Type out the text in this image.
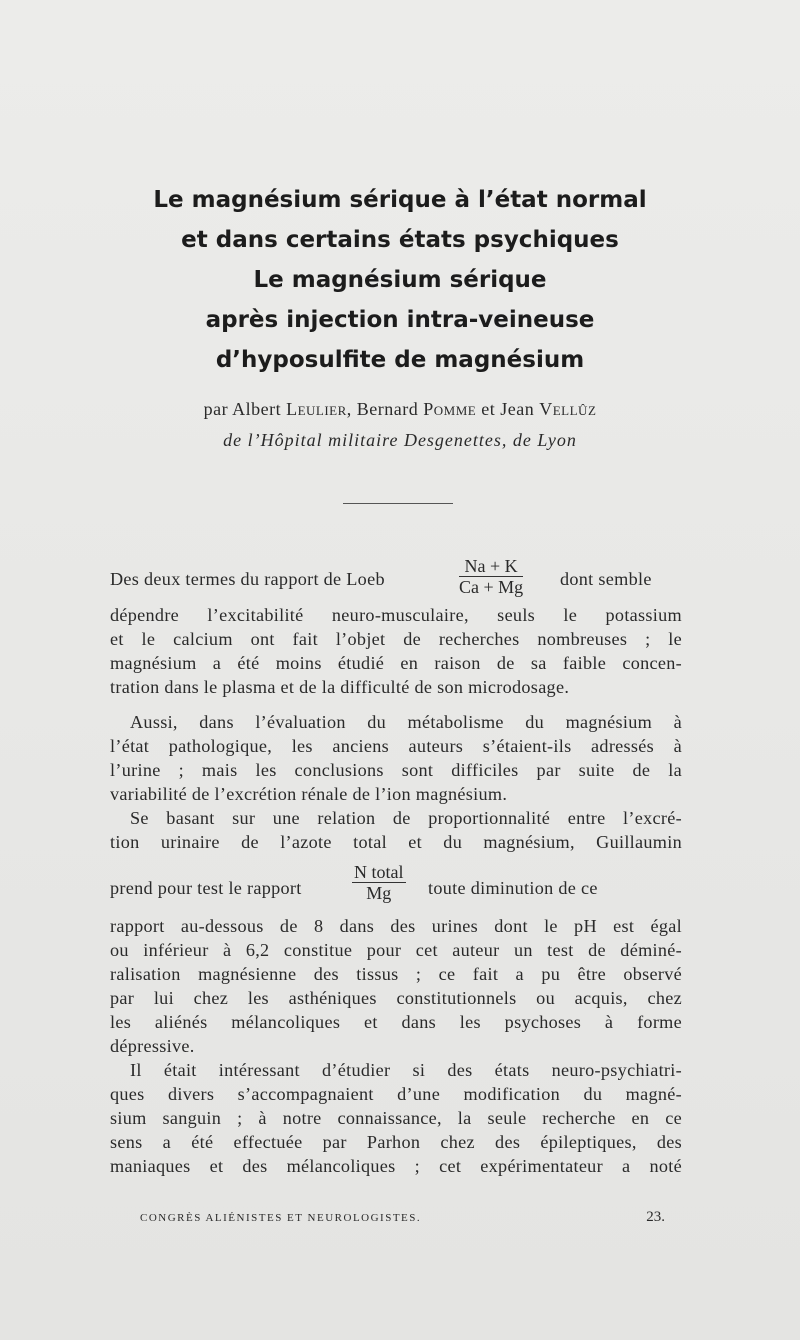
Le magnésium sérique à l’état normal
et dans certains états psychiques
Le magnésium sérique
après injection intra-veineuse
d’hyposulfite de magnésium
par Albert Leulier, Bernard Pomme et Jean Vellûz
de l’Hôpital militaire Desgenettes, de Lyon
Des deux termes du rapport de Loeb	$\frac{Na + K}{Ca + Mg}$ dont semble
dépendre l’excitabilité neuro-musculaire, seuls le potassium
et le calcium ont fait l’objet de recherches nombreuses ; le
magnésium a été moins étudié en raison de sa faible concen-
tration dans le plasma et de la difficulté de son microdosage.
Aussi, dans l’évaluation du métabolisme du magnésium à
l’état pathologique, les anciens auteurs s’étaient-ils adressés à
l’urine ; mais les conclusions sont difficiles par suite de la
variabilité de l’excrétion rénale de l’ion magnésium.
Se basant sur une relation de proportionnalité entre l’excré-
tion urinaire de l’azote total et du magnésium, Guillaumin
prend pour test le rapport
N total
Mg	toute diminution de ce
rapport au-dessous de 8 dans des urines dont le pH est égal
ou inférieur à 6,2 constitue pour cet auteur un test de déminé-
ralisation magnésienne des tissus ; ce fait a pu être observé
par lui chez les asthéniques constitutionnels ou acquis, chez
les aliénés mélancoliques et dans les psychoses à forme
dépressive.
Il était intéressant d’étudier si des états neuro-psychiatri-
ques divers s’accompagnaient d’une modification du magné-
sium sanguin ; à notre connaissance, la seule recherche en ce
sens a été effectuée par Parhon chez des épileptiques, des
maniaques et des mélancoliques ; cet expérimentateur a noté
CONGRÈS ALIÉNISTES ET NEUROLOGISTES.	23.
